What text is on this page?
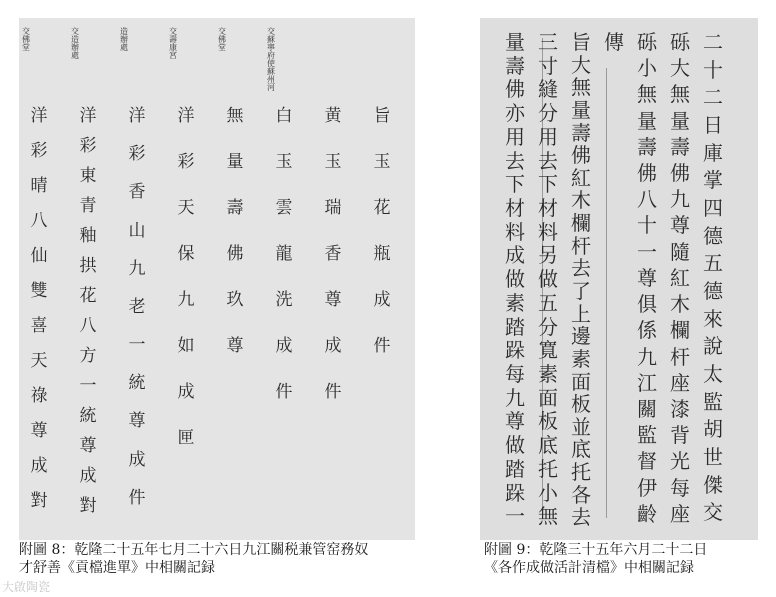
旨
玉
花
瓶
成
件
黄
玉
瑞
香
尊
成
件
白
玉
雲
龍
洗
成
件
交
蘇
寧
府
使
蘇
州
河
無
量
壽
佛
玖
尊
交
佛
堂
洋
彩
天
保
九
如
成
匣
交
壽
康
宮
洋
彩
香
山
九
老
一
統
尊
成
件
造
辦
處
洋
彩
東
青
釉
拱
花
八
方
一
統
尊
成
對
交
造
辦
處
洋
彩
晴
八
仙
雙
喜
天
祿
尊
成
對
交
佛
堂	二
十
二
日
庫
掌
四
德
五
德
來
說
太
監
胡
世
傑
交
砾
大
無
量
壽
佛
九
尊
隨
紅
木
欄
杆
座
漆
背
光
每
座
砾
小
無
量
壽
佛
八
十
一
尊
俱
係
九
江
關
監
督
伊
齡
傳
旨
大
無
量
壽
佛
紅
木
欄
杆
去
了
上
邊
素
面
板
並
底
托
各
去
三
寸
縫
分
用
去
下
材
料
另
做
五
分
寬
素
面
板
底
托
小
無
量
壽
佛
亦
用
去
下
材
料
成
做
素
踏
跺
每
九
尊
做
踏
跺
一
附圖 8：乾隆二十五年七月二十六日九江關税兼管窑務奴
才舒善《貢檔進單》中相關記録
附圖 9：乾隆三十五年六月二十二日
《各作成做活計清檔》中相關記録
大啟陶瓷
